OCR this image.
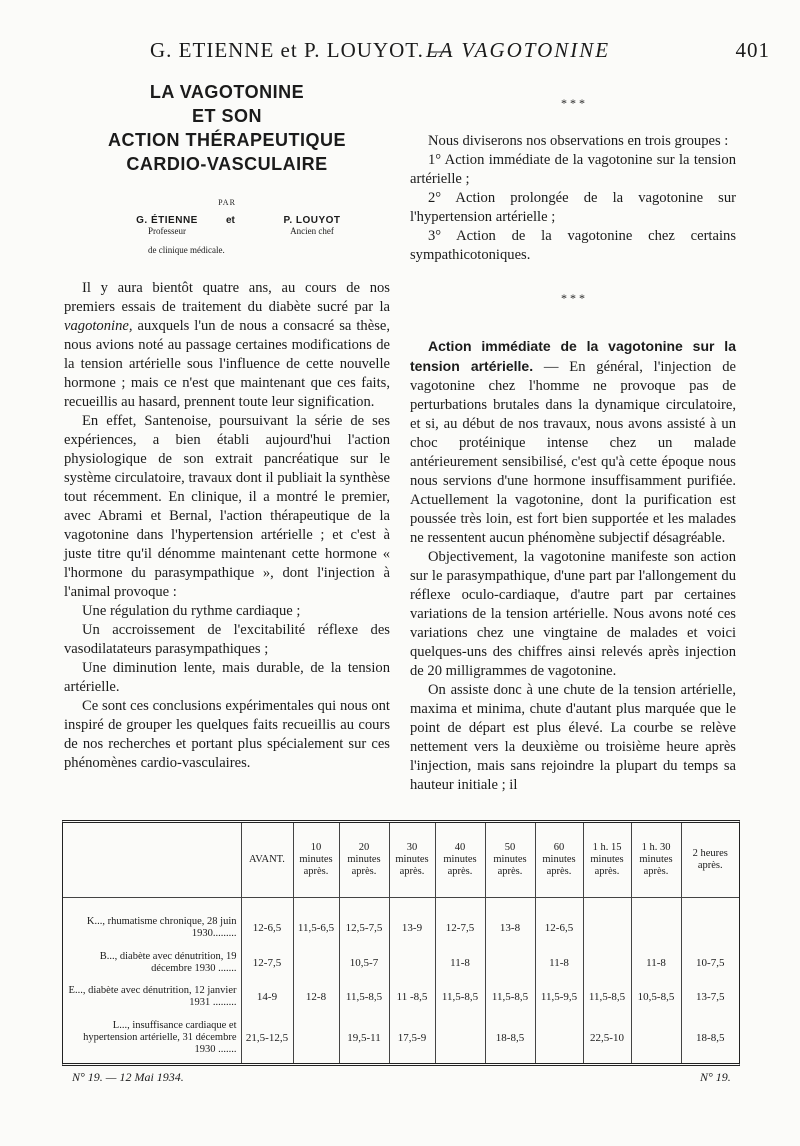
G. ETIENNE et P. LOUYOT. —
LA VAGOTONINE	401
LA VAGOTONINE
ET SON
ACTION THÉRAPEUTIQUE
CARDIO-VASCULAIRE
PAR
G. ÉTIENNE
Professeur
et	P. LOUYOT
Ancien chef
de clinique médicale.

Il y aura bientôt quatre ans, au cours de nos premiers essais de traitement du diabète sucré par la vagotonine, auxquels l'un de nous a consacré sa thèse, nous avions noté au passage certaines modifications de la tension artérielle sous l'influence de cette nouvelle hormone ; mais ce n'est que maintenant que ces faits, recueillis au hasard, prennent toute leur signification.

En effet, Santenoise, poursuivant la série de ses expériences, a bien établi aujourd'hui l'action physiologique de son extrait pancréatique sur le système circulatoire, travaux dont il publiait la synthèse tout récemment. En clinique, il a montré le premier, avec Abrami et Bernal, l'action thérapeutique de la vagotonine dans l'hypertension artérielle ; et c'est à juste titre qu'il dénomme maintenant cette hormone « l'hormone du parasympathique », dont l'injection à l'animal provoque :

Une régulation du rythme cardiaque ;

Un accroissement de l'excitabilité réflexe des vasodilatateurs parasympathiques ;

Une diminution lente, mais durable, de la tension artérielle.

Ce sont ces conclusions expérimentales qui nous ont inspiré de grouper les quelques faits recueillis au cours de nos recherches et portant plus spécialement sur ces phénomènes cardio-vasculaires.

* * *

Nous diviserons nos observations en trois groupes :

1° Action immédiate de la vagotonine sur la tension artérielle ;

2° Action prolongée de la vagotonine sur l'hypertension artérielle ;

3° Action de la vagotonine chez certains sympathicotoniques.

* * *

Action immédiate de la vagotonine sur la tension artérielle. — En général, l'injection de vagotonine chez l'homme ne provoque pas de perturbations brutales dans la dynamique circulatoire, et si, au début de nos travaux, nous avons assisté à un choc protéinique intense chez un malade antérieurement sensibilisé, c'est qu'à cette époque nous nous servions d'une hormone insuffisamment purifiée. Actuellement la vagotonine, dont la purification est poussée très loin, est fort bien supportée et les malades ne ressentent aucun phénomène subjectif désagréable.

Objectivement, la vagotonine manifeste son action sur le parasympathique, d'une part par l'allongement du réflexe oculo-cardiaque, d'autre part par certaines variations de la tension artérielle. Nous avons noté ces variations chez une vingtaine de malades et voici quelques-uns des chiffres ainsi relevés après injection de 20 milligrammes de vagotonine.

On assiste donc à une chute de la tension artérielle, maxima et minima, chute d'autant plus marquée que le point de départ est plus élevé. La courbe se relève nettement vers la deuxième ou troisième heure après l'injection, mais sans rejoindre la plupart du temps sa hauteur initiale ; il

	AVANT.	10 minutes après.	20 minutes après.	30 minutes après.	40 minutes après.	50 minutes après.	60 minutes après.	1 h. 15 minutes après.	1 h. 30 minutes après.	2 heures après.
K..., rhumatisme chronique, 28 juin 1930.........	12-6,5	11,5-6,5	12,5-7,5	13-9	12-7,5	13-8	12-6,5			
B..., diabète avec dénutrition, 19 décembre 1930 .......	12-7,5		10,5-7		11-8		11-8		11-8	10-7,5
E..., diabète avec dénutrition, 12 janvier 1931 .........	14-9	12-8	11,5-8,5	11 -8,5	11,5-8,5	11,5-8,5	11,5-9,5	11,5-8,5	10,5-8,5	13-7,5
L..., insuffisance cardiaque et hypertension artérielle, 31 décembre 1930 .......	21,5-12,5		19,5-11	17,5-9		18-8,5		22,5-10		18-8,5
N° 19. — 12 Mai 1934.	N° 19.
